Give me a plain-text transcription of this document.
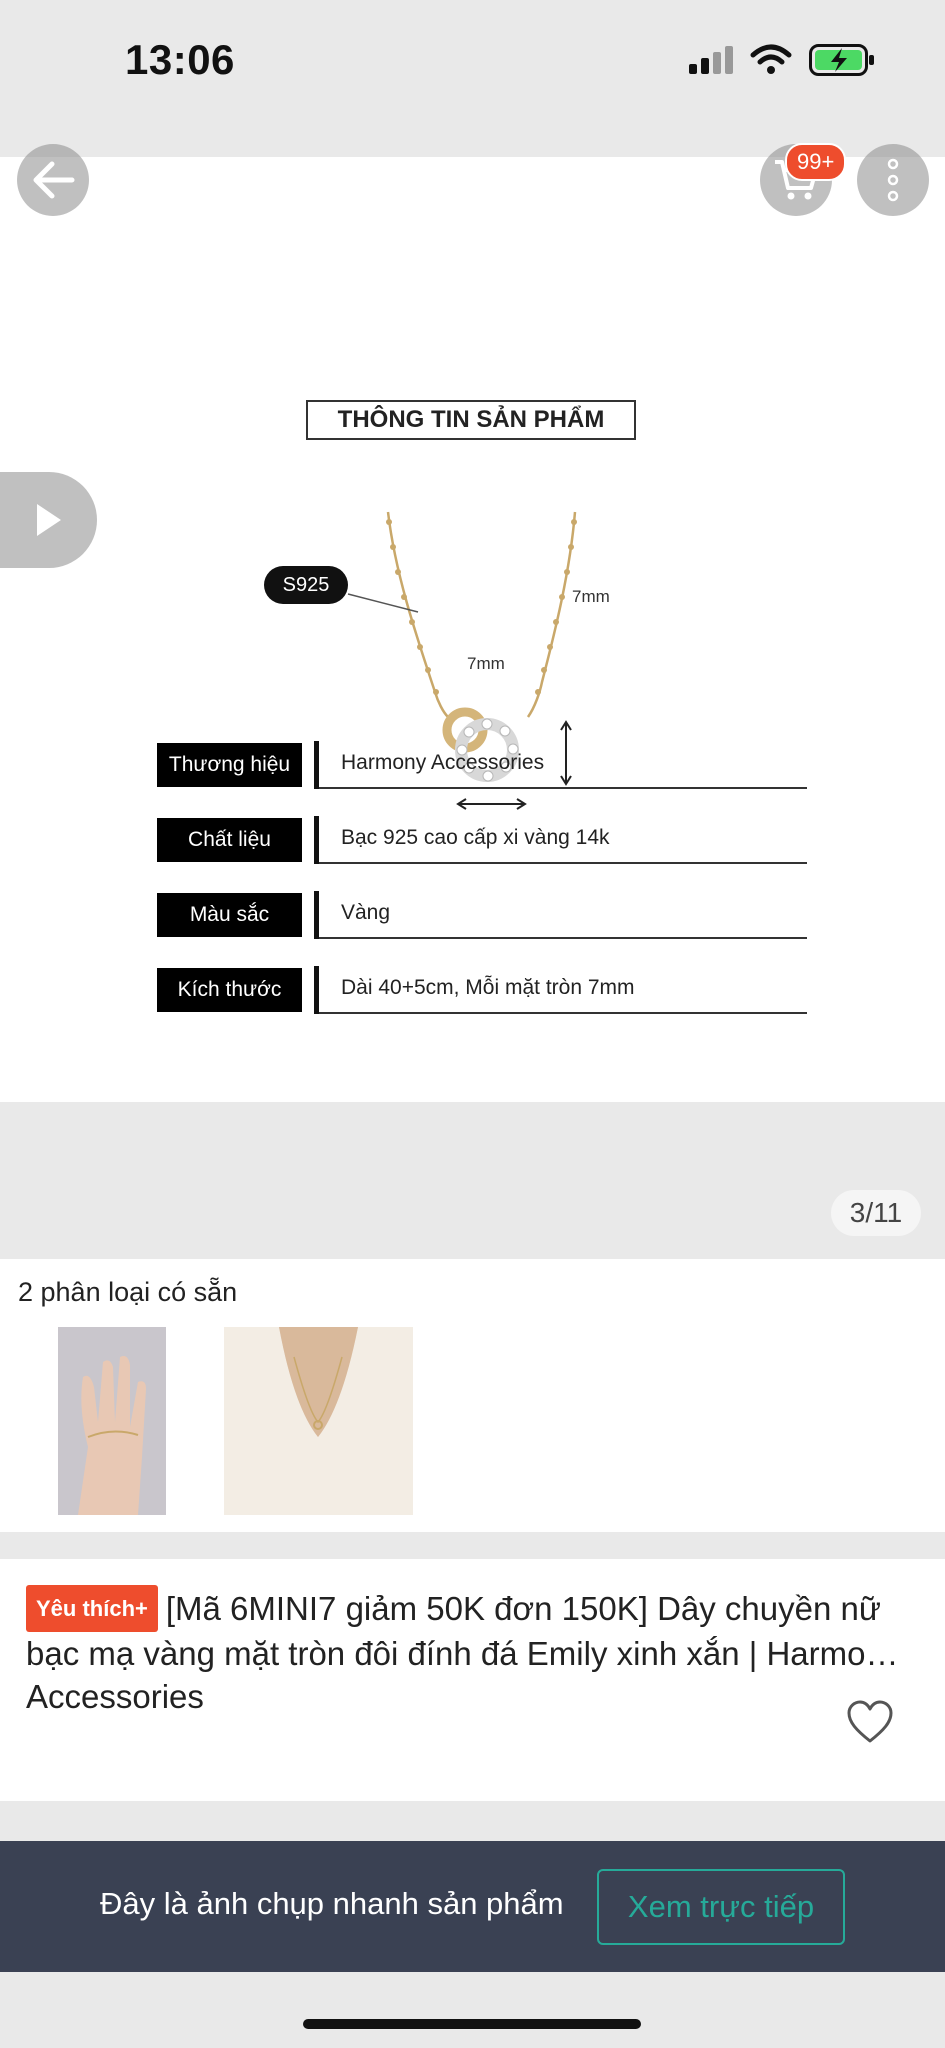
13:06
THÔNG TIN SẢN PHẨM
S925
7mm
7mm
Thương hiệu	Harmony Accessories
Chất liệu	Bạc 925 cao cấp xi vàng 14k
Màu sắc	Vàng
Kích thước	Dài 40+5cm, Mỗi mặt tròn 7mm
99+
3/11
2 phân loại có sẵn
Yêu thích+ [Mã 6MINI7 giảm 50K đơn 150K] Dây chuyền nữ bạc mạ vàng mặt tròn đôi đính đá Emily xinh xắn | Harmony Accessories
Đây là ảnh chụp nhanh sản phẩm	Xem trực tiếp
